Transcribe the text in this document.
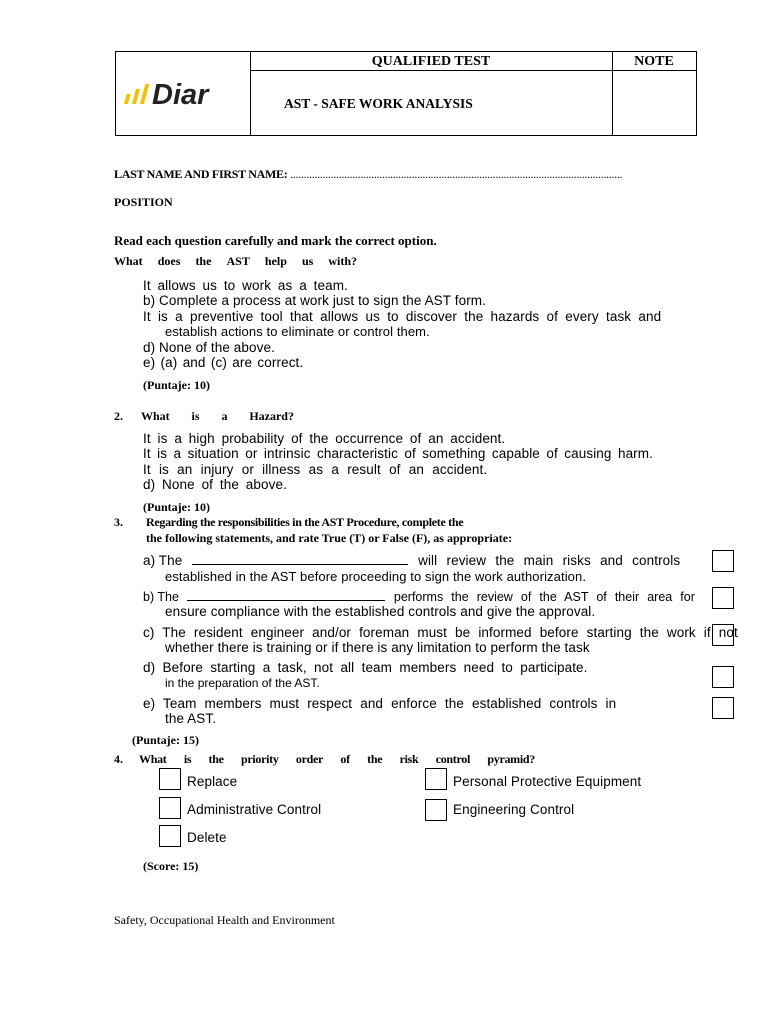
QUALIFIED TEST	NOTE
AST - SAFE WORK ANALYSIS
Diar
LAST NAME AND FIRST NAME: ...........................................................................................................................
POSITION
Read each question carefully and mark the correct option.
What does the AST help us with?
It allows us to work as a team.
b) Complete a process at work just to sign the AST form.
It is a preventive tool that allows us to discover the hazards of every task and
establish actions to eliminate or control them.
d) None of the above.
e) (a) and (c) are correct.
(Puntaje: 10)
2. What is a Hazard?
It is a high probability of the occurrence of an accident.
It is a situation or intrinsic characteristic of something capable of causing harm.
It is an injury or illness as a result of an accident.
d) None of the above.
(Puntaje: 10)
3. Regarding the responsibilities in the AST Procedure, complete the
the following statements, and rate True (T) or False (F), as appropriate:
a) The	will review the main risks and controls
established in the AST before proceeding to sign the work authorization.
b) The	performs the review of the AST of their area for
ensure compliance with the established controls and give the approval.
c) The resident engineer and/or foreman must be informed before starting the work if not
whether there is training or if there is any limitation to perform the task
d) Before starting a task, not all team members need to participate.
in the preparation of the AST.
e) Team members must respect and enforce the established controls in
the AST.
(Puntaje: 15)
4. What is the priority order of the risk control pyramid?
Replace	Personal Protective Equipment
Administrative Control	Engineering Control
Delete
(Score: 15)
Safety, Occupational Health and Environment
